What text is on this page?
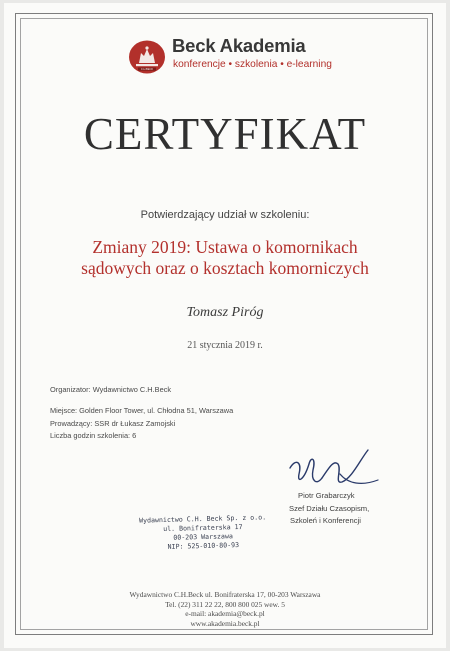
C.H.BECK
Beck Akademia
konferencje • szkolenia • e-learning
CERTYFIKAT
Potwierdzający udział w szkoleniu:
Zmiany 2019: Ustawa o komornikach
sądowych oraz o kosztach komorniczych
Tomasz Piróg
21 stycznia 2019 r.
Organizator: Wydawnictwo C.H.Beck
Miejsce: Golden Floor Tower, ul. Chłodna 51, Warszawa
Prowadzący: SSR dr Łukasz Zamojski
Liczba godzin szkolenia: 6
Piotr Grabarczyk
Szef Działu Czasopism,
Szkoleń i Konferencji
Wydawnictwo C.H. Beck Sp. z o.o.
ul. Bonifraterska 17
00-203 Warszawa
NIP: 525-010-80-93
Wydawnictwo C.H.Beck ul. Bonifraterska 17, 00-203 Warszawa
Tel. (22) 311 22 22, 800 800 025 wew. 5
e-mail: akademia@beck.pl
www.akademia.beck.pl
